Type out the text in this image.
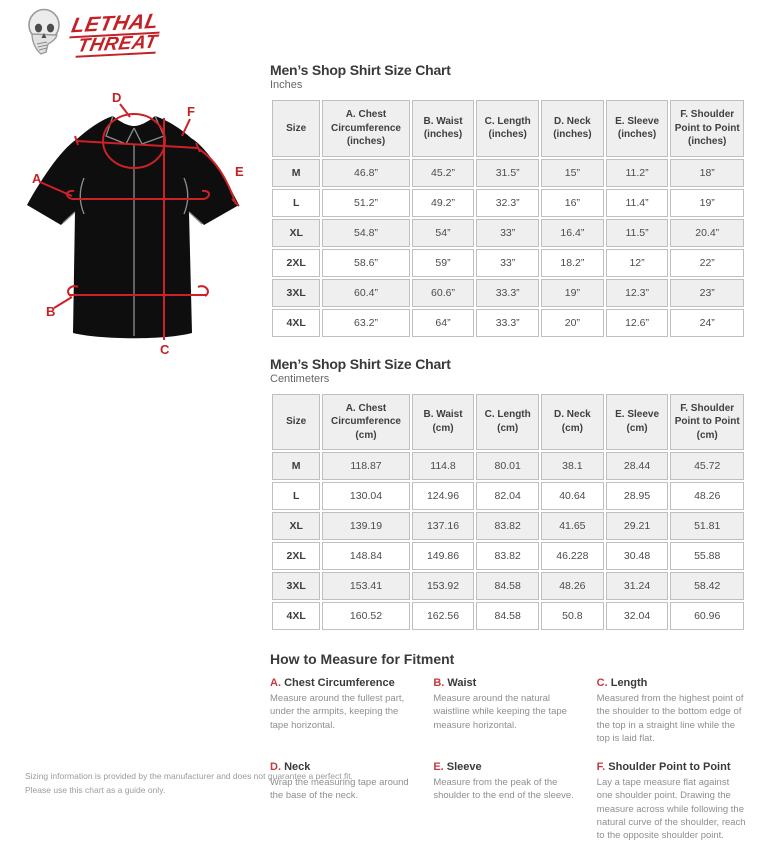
LETHAL
THREAT
A
B
C
D
E
F
Men’s Shop Shirt Size Chart
Inches
Size	A. Chest Circumference (inches)	B. Waist (inches)	C. Length (inches)	D. Neck (inches)	E. Sleeve (inches)	F. Shoulder Point to Point (inches)
M	46.8”	45.2”	31.5”	15”	11.2”	18”
L	51.2”	49.2”	32.3”	16”	11.4”	19”
XL	54.8”	54”	33”	16.4”	11.5”	20.4”
2XL	58.6”	59”	33”	18.2”	12”	22”
3XL	60.4”	60.6”	33.3”	19”	12.3”	23”
4XL	63.2”	64”	33.3”	20”	12.6”	24”
Men’s Shop Shirt Size Chart
Centimeters
Size	A. Chest Circumference (cm)	B. Waist (cm)	C. Length (cm)	D. Neck (cm)	E. Sleeve (cm)	F. Shoulder Point to Point (cm)
M	118.87	114.8	80.01	38.1	28.44	45.72
L	130.04	124.96	82.04	40.64	28.95	48.26
XL	139.19	137.16	83.82	41.65	29.21	51.81
2XL	148.84	149.86	83.82	46.228	30.48	55.88
3XL	153.41	153.92	84.58	48.26	31.24	58.42
4XL	160.52	162.56	84.58	50.8	32.04	60.96
How to Measure for Fitment
A. Chest Circumference

Measure around the fullest part, under the armpits, keeping the tape horizontal.

B. Waist

Measure around the natural waistline while keeping the tape measure horizontal.

C. Length

Measured from the highest point of the shoulder to the bottom edge of the top in a straight line while the top is laid flat.

D. Neck

Wrap the measuring tape around the base of the neck.

E. Sleeve

Measure from the peak of the shoulder to the end of the sleeve.

F. Shoulder Point to Point

Lay a tape measure flat against one shoulder point. Drawing the measure across while following the natural curve of the shoulder, reach to the opposite shoulder point.

Sizing information is provided by the manufacturer and does not guarantee a perfect fit.
Please use this chart as a guide only.
